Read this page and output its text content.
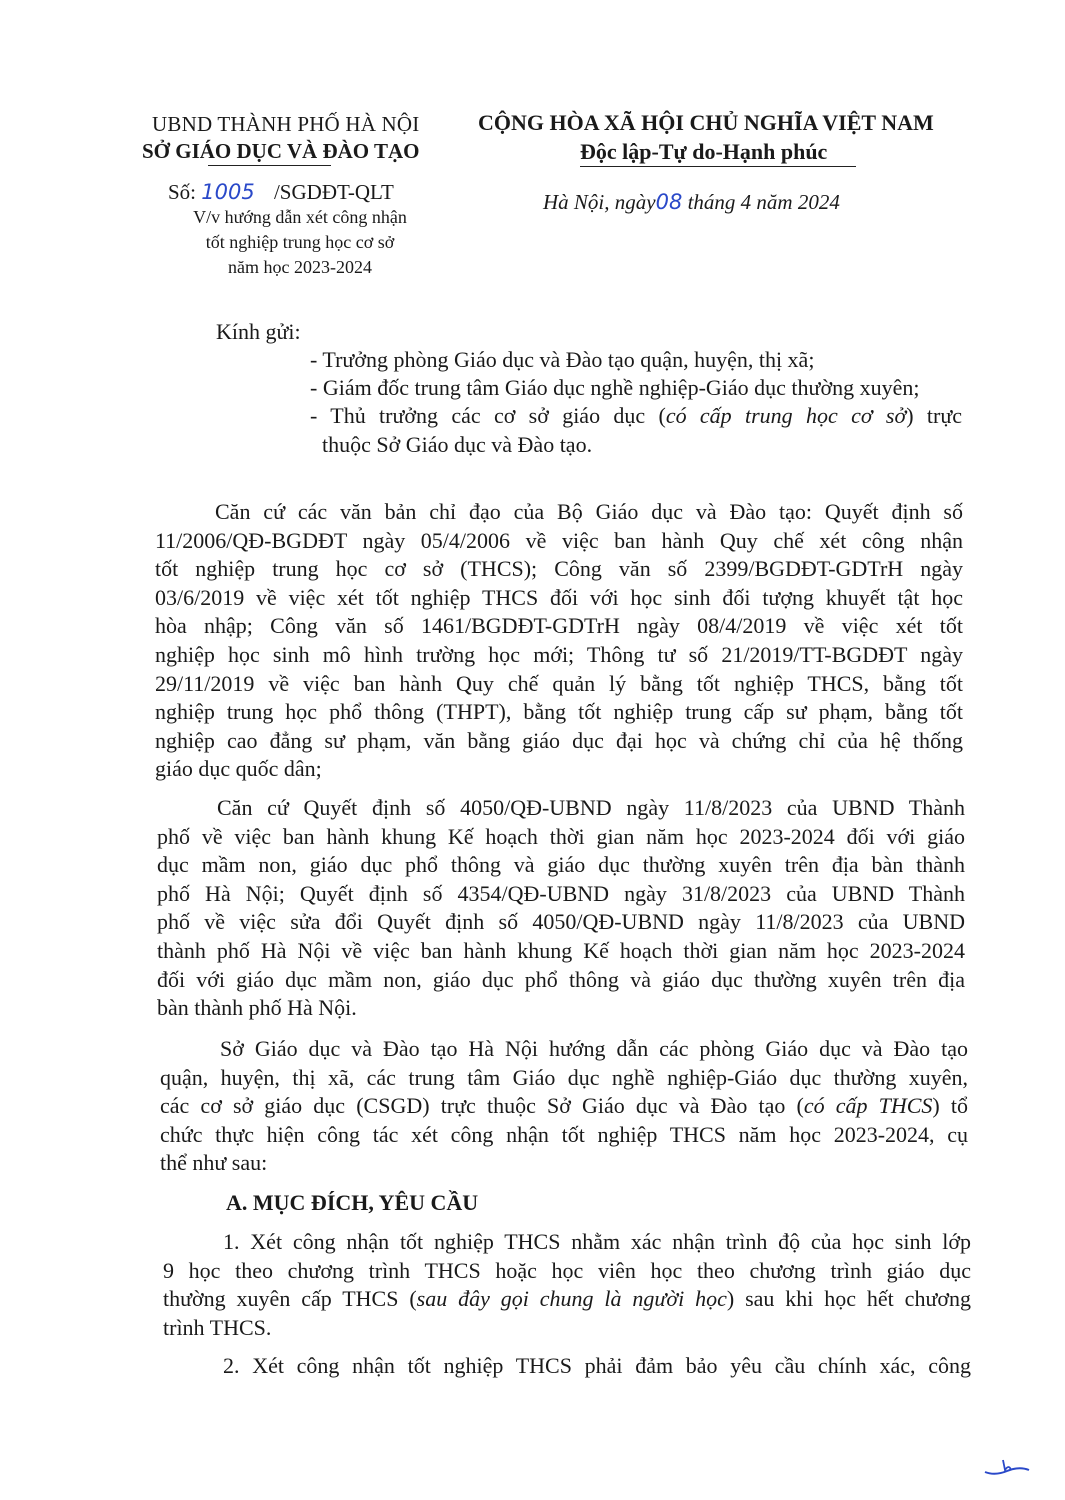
UBND THÀNH PHỐ HÀ NỘI
SỞ GIÁO DỤC VÀ ĐÀO TẠO
CỘNG HÒA XÃ HỘI CHỦ NGHĨA VIỆT NAM
Độc lập-Tự do-Hạnh phúc
Số: 1005 /SGDĐT-QLT
V/v hướng dẫn xét công nhận
tốt nghiệp trung học cơ sở
năm học 2023-2024
Hà Nội, ngày08 tháng 4 năm 2024
Kính gửi:
- Trưởng phòng Giáo dục và Đào tạo quận, huyện, thị xã;
- Giám đốc trung tâm Giáo dục nghề nghiệp-Giáo dục thường xuyên;
- Thủ trưởng các cơ sở giáo dục (có cấp trung học cơ sở) trực
thuộc Sở Giáo dục và Đào tạo.
Căn cứ các văn bản chỉ đạo của Bộ Giáo dục và Đào tạo: Quyết định số
11/2006/QĐ-BGDĐT ngày 05/4/2006 về việc ban hành Quy chế xét công nhận
tốt nghiệp trung học cơ sở (THCS); Công văn số 2399/BGDĐT-GDTrH ngày
03/6/2019 về việc xét tốt nghiệp THCS đối với học sinh đối tượng khuyết tật học
hòa nhập; Công văn số 1461/BGDĐT-GDTrH ngày 08/4/2019 về việc xét tốt
nghiệp học sinh mô hình trường học mới; Thông tư số 21/2019/TT-BGDĐT ngày
29/11/2019 về việc ban hành Quy chế quản lý bằng tốt nghiệp THCS, bằng tốt
nghiệp trung học phổ thông (THPT), bằng tốt nghiệp trung cấp sư phạm, bằng tốt
nghiệp cao đẳng sư phạm, văn bằng giáo dục đại học và chứng chỉ của hệ thống
giáo dục quốc dân;
Căn cứ Quyết định số 4050/QĐ-UBND ngày 11/8/2023 của UBND Thành
phố về việc ban hành khung Kế hoạch thời gian năm học 2023-2024 đối với giáo
dục mầm non, giáo dục phổ thông và giáo dục thường xuyên trên địa bàn thành
phố Hà Nội; Quyết định số 4354/QĐ-UBND ngày 31/8/2023 của UBND Thành
phố về việc sửa đổi Quyết định số 4050/QĐ-UBND ngày 11/8/2023 của UBND
thành phố Hà Nội về việc ban hành khung Kế hoạch thời gian năm học 2023-2024
đối với giáo dục mầm non, giáo dục phổ thông và giáo dục thường xuyên trên địa
bàn thành phố Hà Nội.
Sở Giáo dục và Đào tạo Hà Nội hướng dẫn các phòng Giáo dục và Đào tạo
quận, huyện, thị xã, các trung tâm Giáo dục nghề nghiệp-Giáo dục thường xuyên,
các cơ sở giáo dục (CSGD) trực thuộc Sở Giáo dục và Đào tạo (có cấp THCS) tổ
chức thực hiện công tác xét công nhận tốt nghiệp THCS năm học 2023-2024, cụ
thể như sau:
A. MỤC ĐÍCH, YÊU CẦU
1. Xét công nhận tốt nghiệp THCS nhằm xác nhận trình độ của học sinh lớp
9 học theo chương trình THCS hoặc học viên học theo chương trình giáo dục
thường xuyên cấp THCS (sau đây gọi chung là người học) sau khi học hết chương
trình THCS.
2. Xét công nhận tốt nghiệp THCS phải đảm bảo yêu cầu chính xác, công
